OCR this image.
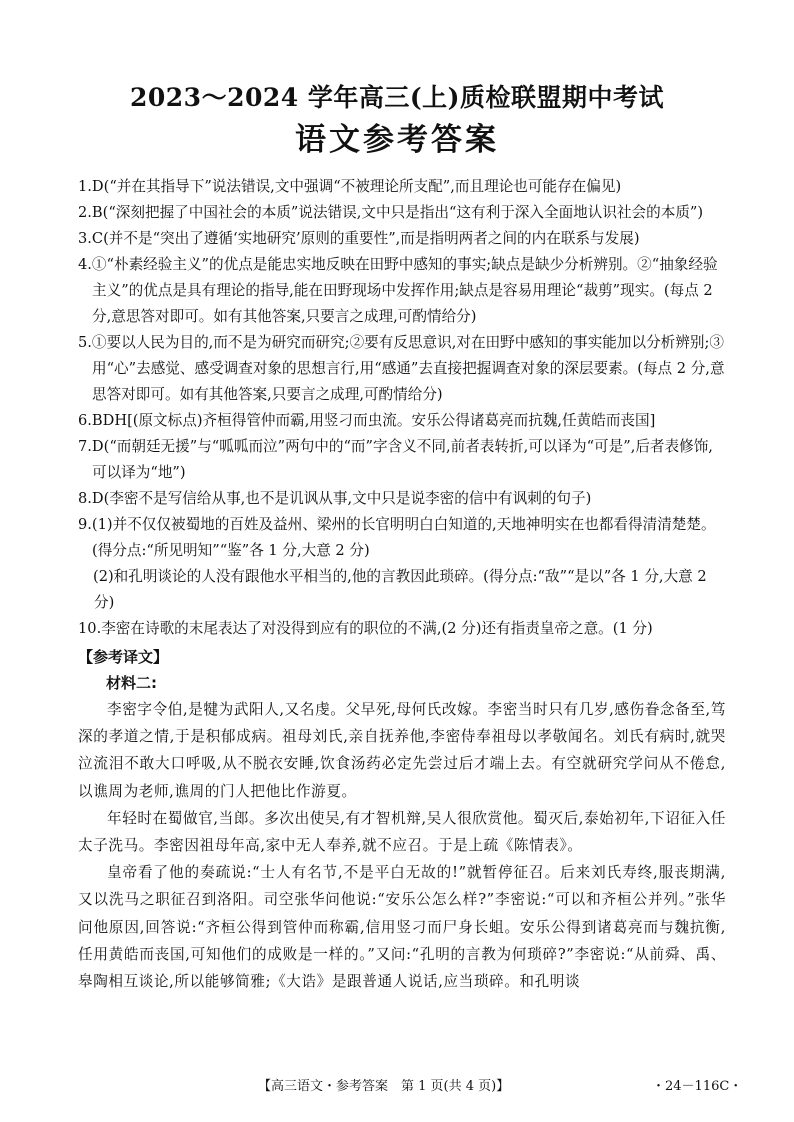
2023～2024 学年高三(上)质检联盟期中考试
语文参考答案
1.D(“并在其指导下”说法错误,文中强调“不被理论所支配”,而且理论也可能存在偏见)
2.B(“深刻把握了中国社会的本质”说法错误,文中只是指出“这有利于深入全面地认识社会的本质”)
3.C(并不是“突出了遵循‘实地研究’原则的重要性”,而是指明两者之间的内在联系与发展)
4.①“朴素经验主义”的优点是能忠实地反映在田野中感知的事实;缺点是缺少分析辨别。②“抽象经验主义”的优点是具有理论的指导,能在田野现场中发挥作用;缺点是容易用理论“裁剪”现实。(每点 2 分,意思答对即可。如有其他答案,只要言之成理,可酌情给分)
5.①要以人民为目的,而不是为研究而研究;②要有反思意识,对在田野中感知的事实能加以分析辨别;③用“心”去感觉、感受调查对象的思想言行,用“感通”去直接把握调查对象的深层要素。(每点 2 分,意思答对即可。如有其他答案,只要言之成理,可酌情给分)
6.BDH[(原文标点)齐桓得管仲而霸,用竖刁而虫流。安乐公得诸葛亮而抗魏,任黄皓而丧国]
7.D(“而朝廷无援”与“呱呱而泣”两句中的“而”字含义不同,前者表转折,可以译为“可是”,后者表修饰,可以译为“地”)
8.D(李密不是写信给从事,也不是讥讽从事,文中只是说李密的信中有讽刺的句子)
9.(1)并不仅仅被蜀地的百姓及益州、梁州的长官明明白白知道的,天地神明实在也都看得清清楚楚。(得分点:“所见明知”“鉴”各 1 分,大意 2 分)
(2)和孔明谈论的人没有跟他水平相当的,他的言教因此琐碎。(得分点:“敌”“是以”各 1 分,大意 2 分)
10.李密在诗歌的末尾表达了对没得到应有的职位的不满,(2 分)还有指责皇帝之意。(1 分)
【参考译文】
材料二:

李密字令伯,是犍为武阳人,又名虔。父早死,母何氏改嫁。李密当时只有几岁,感伤眷念备至,笃深的孝道之情,于是积郁成病。祖母刘氏,亲自抚养他,李密侍奉祖母以孝敬闻名。刘氏有病时,就哭泣流泪不敢大口呼吸,从不脱衣安睡,饮食汤药必定先尝过后才端上去。有空就研究学问从不倦怠,以谯周为老师,谯周的门人把他比作游夏。

年轻时在蜀做官,当郎。多次出使吴,有才智机辩,吴人很欣赏他。蜀灭后,泰始初年,下诏征入任太子洗马。李密因祖母年高,家中无人奉养,就不应召。于是上疏《陈情表》。

皇帝看了他的奏疏说:“士人有名节,不是平白无故的!”就暂停征召。后来刘氏寿终,服丧期满,又以洗马之职征召到洛阳。司空张华问他说:“安乐公怎么样?”李密说:“可以和齐桓公并列。”张华问他原因,回答说:“齐桓公得到管仲而称霸,信用竖刁而尸身长蛆。安乐公得到诸葛亮而与魏抗衡,任用黄皓而丧国,可知他们的成败是一样的。”又问:“孔明的言教为何琐碎?”李密说:“从前舜、禹、皋陶相互谈论,所以能够简雅;《大诰》是跟普通人说话,应当琐碎。和孔明谈

【高三语文・参考答案　第 1 页(共 4 页)】	・24－116C・
